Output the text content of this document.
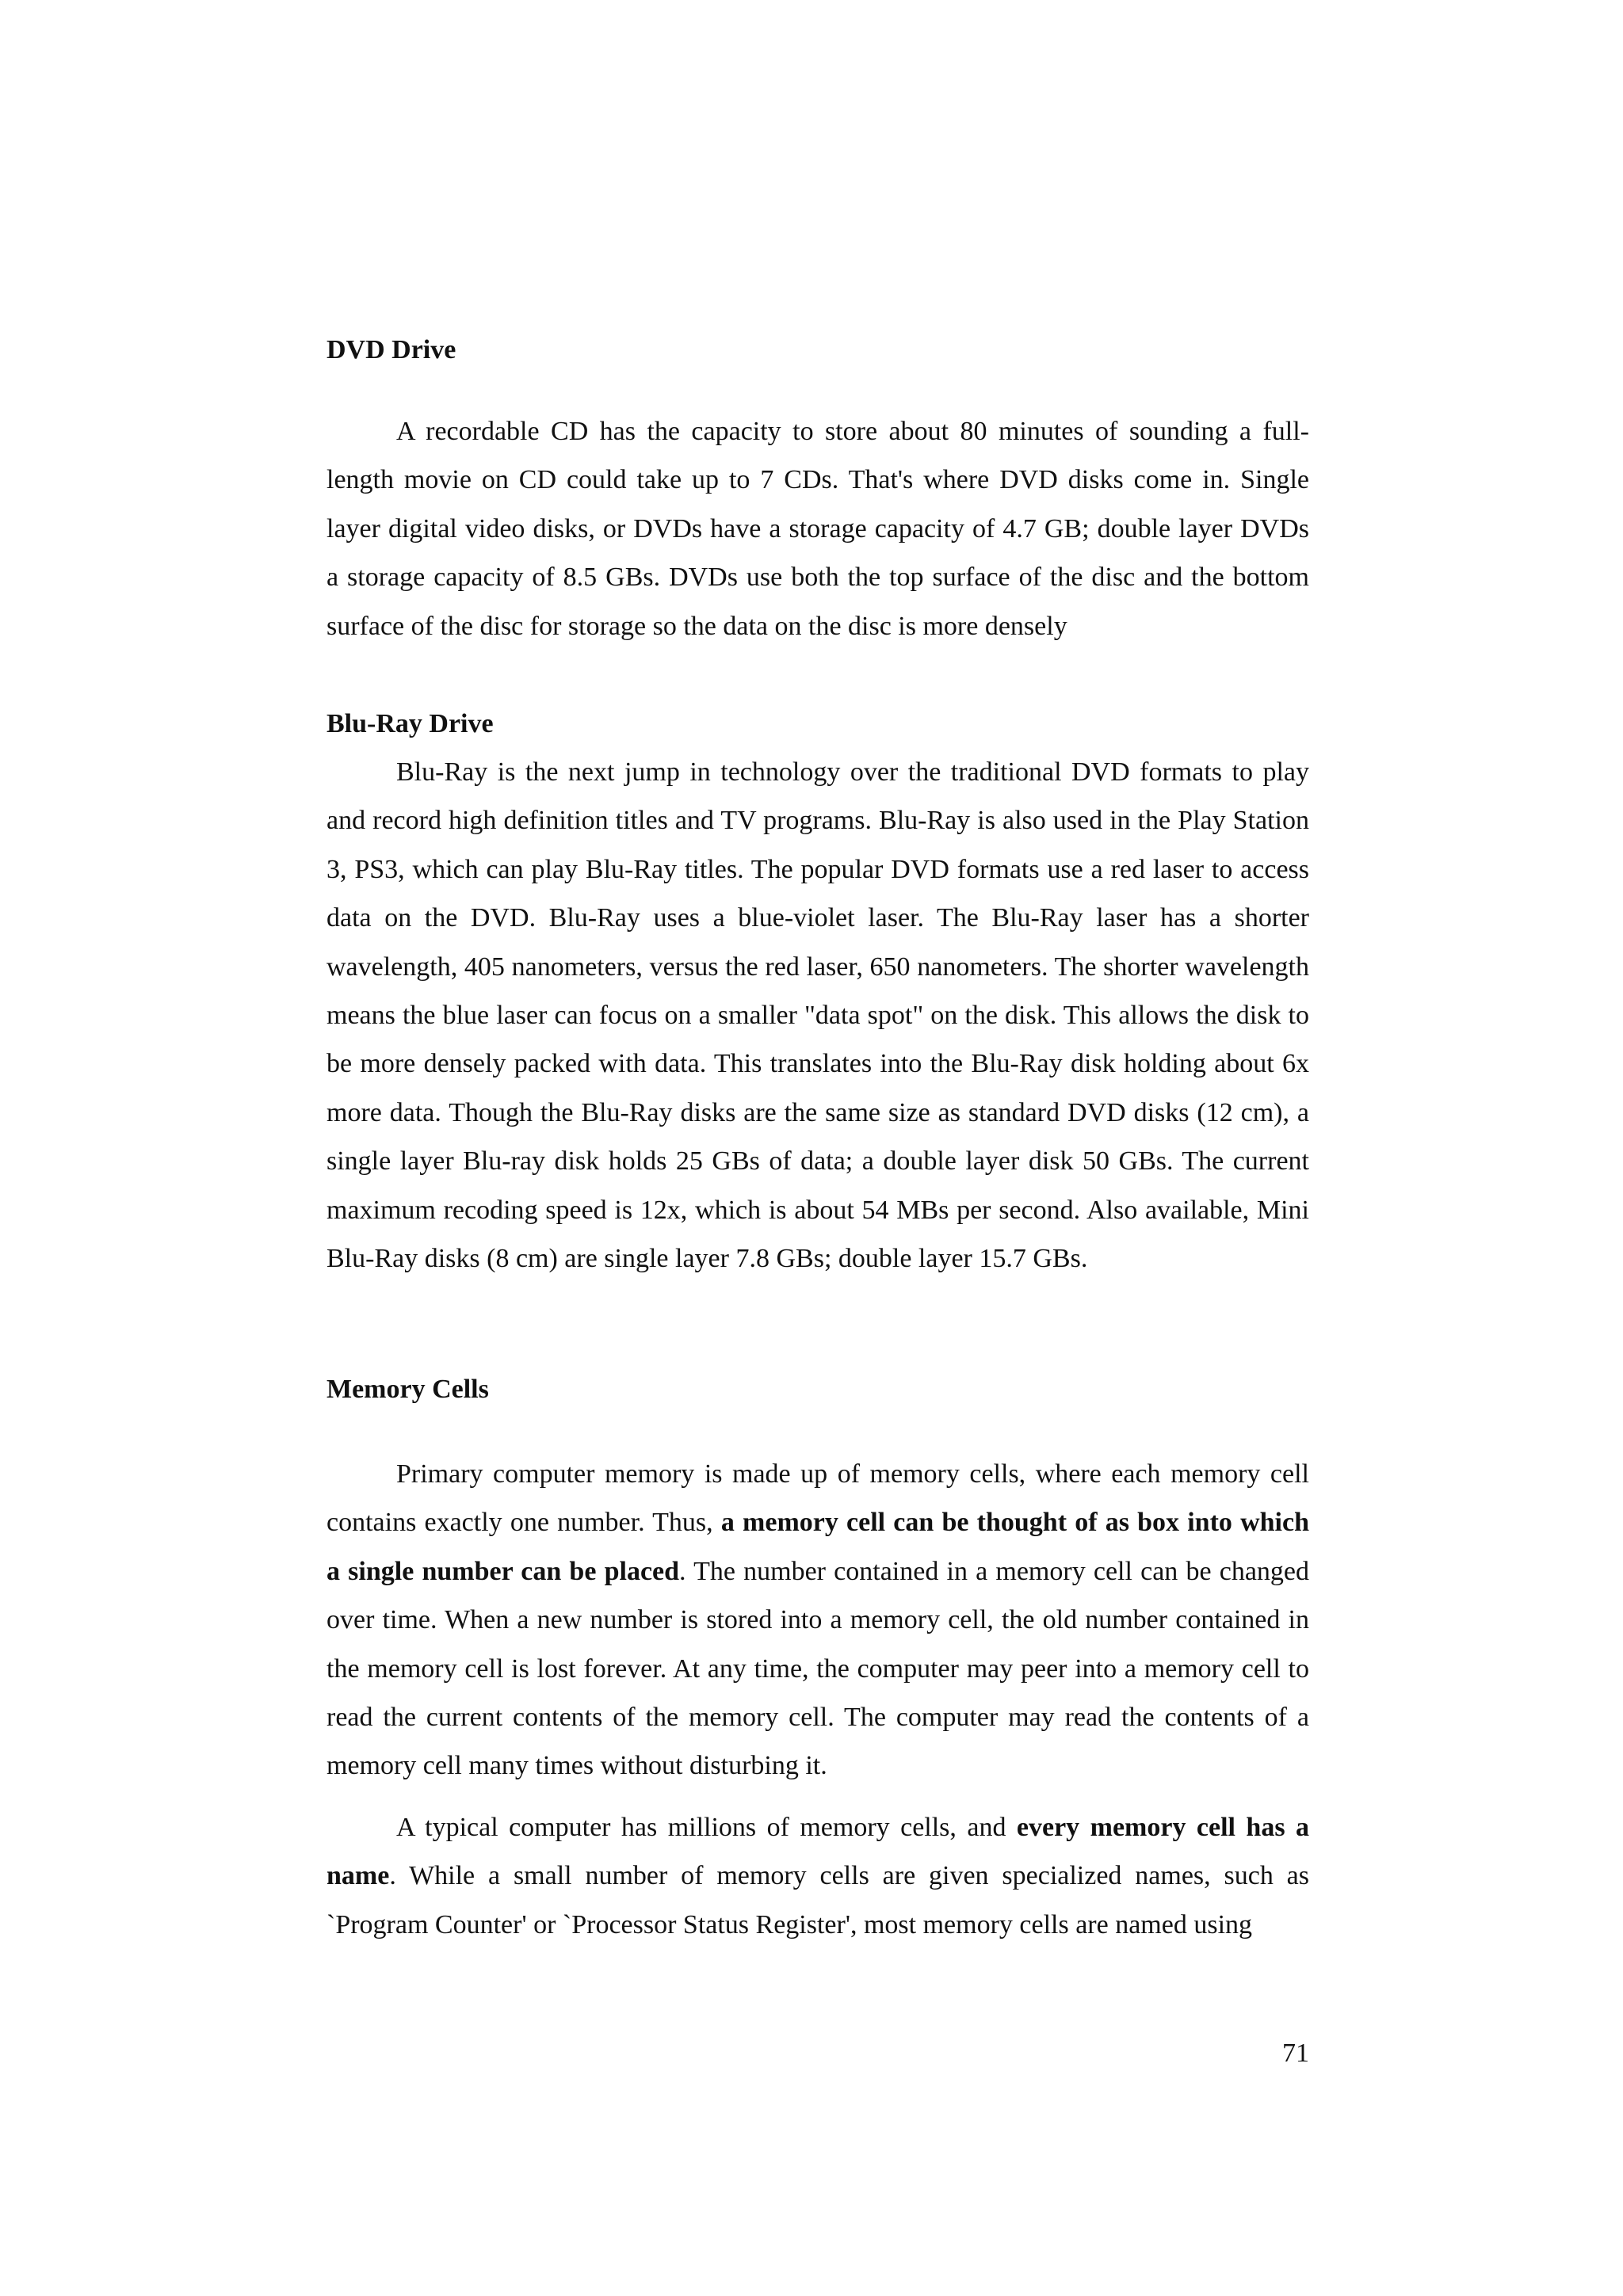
DVD Drive

A recordable CD has the capacity to store about 80 minutes of sounding a full-length movie on CD could take up to 7 CDs. That's where DVD disks come in. Single layer digital video disks, or DVDs have a storage capacity of 4.7 GB; double layer DVDs a storage capacity of 8.5 GBs. DVDs use both the top surface of the disc and the bottom surface of the disc for storage so the data on the disc is more densely

Blu-Ray Drive

Blu-Ray is the next jump in technology over the traditional DVD formats to play and record high definition titles and TV programs. Blu-Ray is also used in the Play Station 3, PS3, which can play Blu-Ray titles. The popular DVD formats use a red laser to access data on the DVD. Blu-Ray uses a blue-violet laser. The Blu-Ray laser has a shorter wavelength, 405 nanometers, versus the red laser, 650 nanometers. The shorter wavelength means the blue laser can focus on a smaller "data spot" on the disk. This allows the disk to be more densely packed with data. This translates into the Blu-Ray disk holding about 6x more data. Though the Blu-Ray disks are the same size as standard DVD disks (12 cm), a single layer Blu-ray disk holds 25 GBs of data; a double layer disk 50 GBs. The current maximum recoding speed is 12x, which is about 54 MBs per second. Also available, Mini Blu-Ray disks (8 cm) are single layer 7.8 GBs; double layer 15.7 GBs.

Memory Cells

Primary computer memory is made up of memory cells, where each memory cell contains exactly one number. Thus, a memory cell can be thought of as box into which a single number can be placed. The number contained in a memory cell can be changed over time. When a new number is stored into a memory cell, the old number contained in the memory cell is lost forever. At any time, the computer may peer into a memory cell to read the current contents of the memory cell. The computer may read the contents of a memory cell many times without disturbing it.

A typical computer has millions of memory cells, and every memory cell has a name. While a small number of memory cells are given specialized names, such as `Program Counter' or `Processor Status Register', most memory cells are named using

71
